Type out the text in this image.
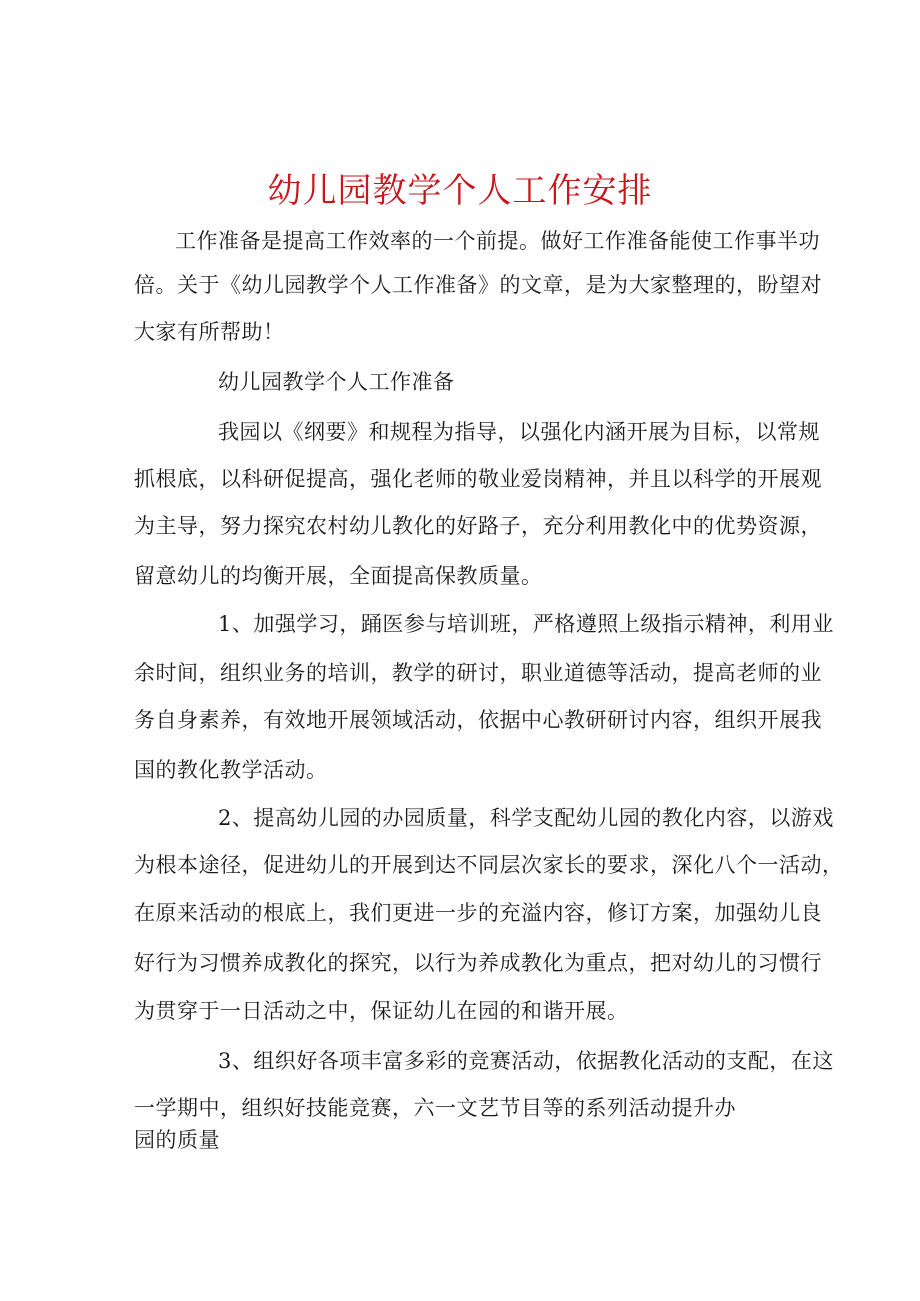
幼儿园教学个人工作安排
工作准备是提高工作效率的一个前提。做好工作准备能使工作事半功
倍。关于《幼儿园教学个人工作准备》的文章，是为大家整理的，盼望对
大家有所帮助！
幼儿园教学个人工作准备
我园以《纲要》和规程为指导，以强化内涵开展为目标，以常规
抓根底，以科研促提高，强化老师的敬业爱岗精神，并且以科学的开展观
为主导，努力探究农村幼儿教化的好路子，充分利用教化中的优势资源，
留意幼儿的均衡开展，全面提高保教质量。
1、加强学习，踊医参与培训班，严格遵照上级指示精神，利用业
余时间，组织业务的培训，教学的研讨，职业道德等活动，提高老师的业
务自身素养，有效地开展领域活动，依据中心教研研讨内容，组织开展我
国的教化教学活动。
2、提高幼儿园的办园质量，科学支配幼儿园的教化内容，以游戏
为根本途径，促进幼儿的开展到达不同层次家长的要求，深化八个一活动，
在原来活动的根底上，我们更进一步的充溢内容，修订方案，加强幼儿良
好行为习惯养成教化的探究，以行为养成教化为重点，把对幼儿的习惯行
为贯穿于一日活动之中，保证幼儿在园的和谐开展。
3、组织好各项丰富多彩的竞赛活动，依据教化活动的支配，在这
一学期中，组织好技能竞赛，六一文艺节目等的系列活动提升办
园的质量
